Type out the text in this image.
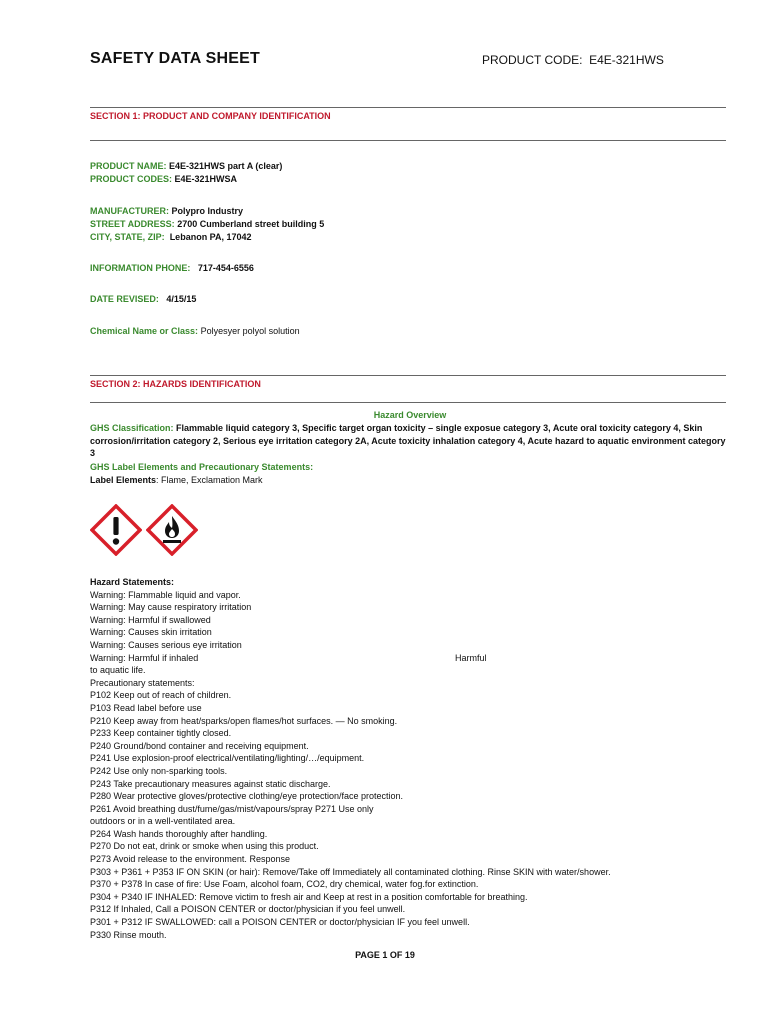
SAFETY DATA SHEET	PRODUCT CODE: E4E-321HWS
SECTION 1: PRODUCT AND COMPANY IDENTIFICATION
PRODUCT NAME: E4E-321HWS part A (clear)
PRODUCT CODES: E4E-321HWSA
MANUFACTURER: Polypro Industry
STREET ADDRESS: 2700 Cumberland street building 5
CITY, STATE, ZIP: Lebanon PA, 17042
INFORMATION PHONE: 717-454-6556
DATE REVISED: 4/15/15
Chemical Name or Class: Polyesyer polyol solution
SECTION 2: HAZARDS IDENTIFICATION
Hazard Overview
GHS Classification: Flammable liquid category 3, Specific target organ toxicity – single exposue category 3, Acute oral toxicity category 4, Skin corrosion/irritation category 2, Serious eye irritation category 2A, Acute toxicity inhalation category 4, Acute hazard to aquatic environment category 3
GHS Label Elements and Precautionary Statements:
Label Elements: Flame, Exclamation Mark
Hazard Statements:
Warning: Flammable liquid and vapor.
Warning: May cause respiratory irritation
Warning: Harmful if swallowed
Warning: Causes skin irritation
Warning: Causes serious eye irritation
Warning: Harmful if inhaled	Harmful
to aquatic life.
Precautionary statements:
P102 Keep out of reach of children.
P103 Read label before use
P210 Keep away from heat/sparks/open flames/hot surfaces. — No smoking.
P233 Keep container tightly closed.
P240 Ground/bond container and receiving equipment.
P241 Use explosion-proof electrical/ventilating/lighting/…/equipment.
P242 Use only non-sparking tools.
P243 Take precautionary measures against static discharge.
P280 Wear protective gloves/protective clothing/eye protection/face protection.
P261 Avoid breathing dust/fume/gas/mist/vapours/spray P271 Use only
outdoors or in a well-ventilated area.
P264 Wash hands thoroughly after handling.
P270 Do not eat, drink or smoke when using this product.
P273 Avoid release to the environment. Response
P303 + P361 + P353 IF ON SKIN (or hair): Remove/Take off Immediately all contaminated clothing. Rinse SKIN with water/shower.
P370 + P378 In case of fire: Use Foam, alcohol foam, CO2, dry chemical, water fog.for extinction.
P304 + P340 IF INHALED: Remove victim to fresh air and Keep at rest in a position comfortable for breathing.
P312 If Inhaled, Call a POISON CENTER or doctor/physician if you feel unwell.
P301 + P312 IF SWALLOWED: call a POISON CENTER or doctor/physician IF you feel unwell.
P330 Rinse mouth.
PAGE 1 OF 19
